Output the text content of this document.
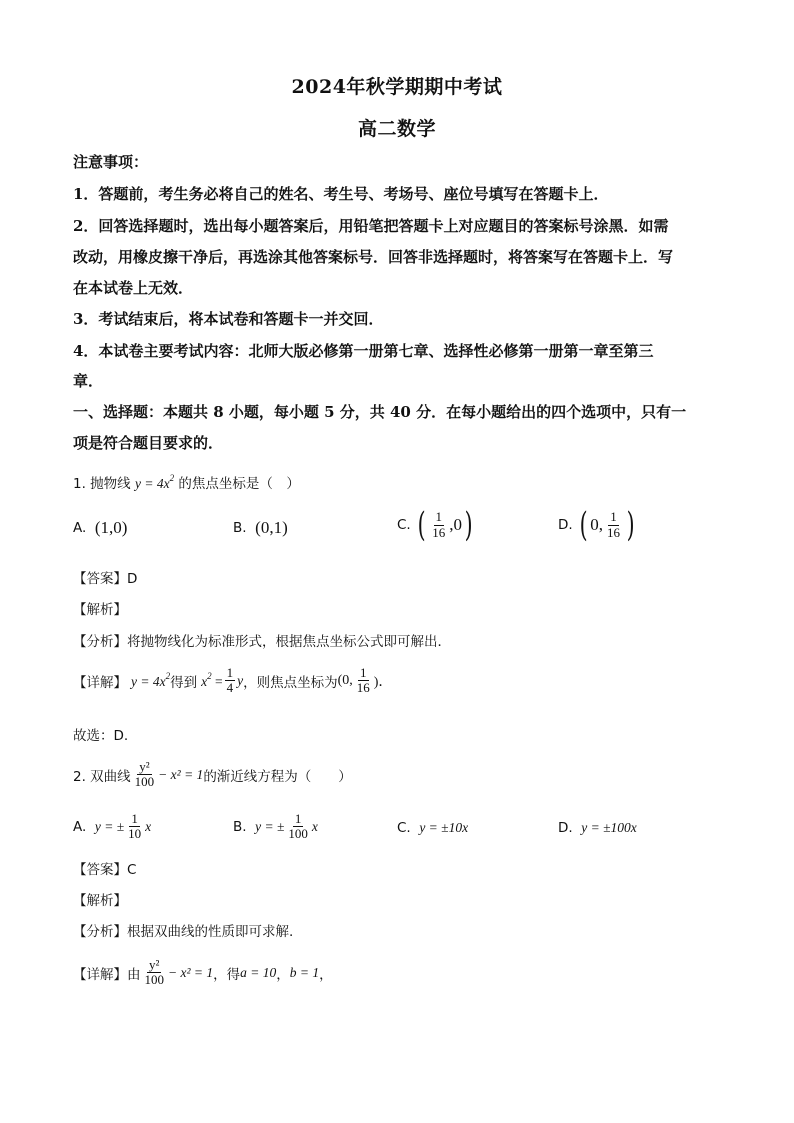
2024年秋学期期中考试
高二数学
注意事项：
1．答题前，考生务必将自己的姓名、考生号、考场号、座位号填写在答题卡上．
2．回答选择题时，选出每小题答案后，用铅笔把答题卡上对应题目的答案标号涂黑．如需
改动，用橡皮擦干净后，再选涂其他答案标号．回答非选择题时，将答案写在答题卡上．写
在本试卷上无效．
3．考试结束后，将本试卷和答题卡一并交回．
4．本试卷主要考试内容：北师大版必修第一册第七章、选择性必修第一册第一章至第三
章．
一、选择题：本题共 8 小题，每小题 5 分，共 40 分．在每小题给出的四个选项中，只有一
项是符合题目要求的．
1. 抛物线 $y = 4x^2$ 的焦点坐标是（　）
A.
(1,0)	B.
(0,1)	C.
( $\frac{1}{16} ,0$ )	D.
( 0, $\frac{1}{16}$ )
【答案】D
【解析】
【分析】将抛物线化为标准形式，根据焦点坐标公式即可解出．
【详解】 $y = 4x^2$ 得到 $x^2 = \frac{1}{4}$ y ，则焦点坐标为 (0, $\frac{1}{16}$ )．
故选：D.
2. 双曲线 $\frac{\text{y²}}{100} - x^2 = 1$ 的渐近线方程为（　　）
A.
y = ± $\frac{1}{10}$ x	B.
y = ± $\frac{1}{100}$ x	C.
y = ±10x	D.
y = ±100x
【答案】C
【解析】
【分析】根据双曲线的性质即可求解.
【详解】 由 $\frac{\text{y²}}{100} - x^2 = 1$ ，得 a = 10 ， b = 1 ，
